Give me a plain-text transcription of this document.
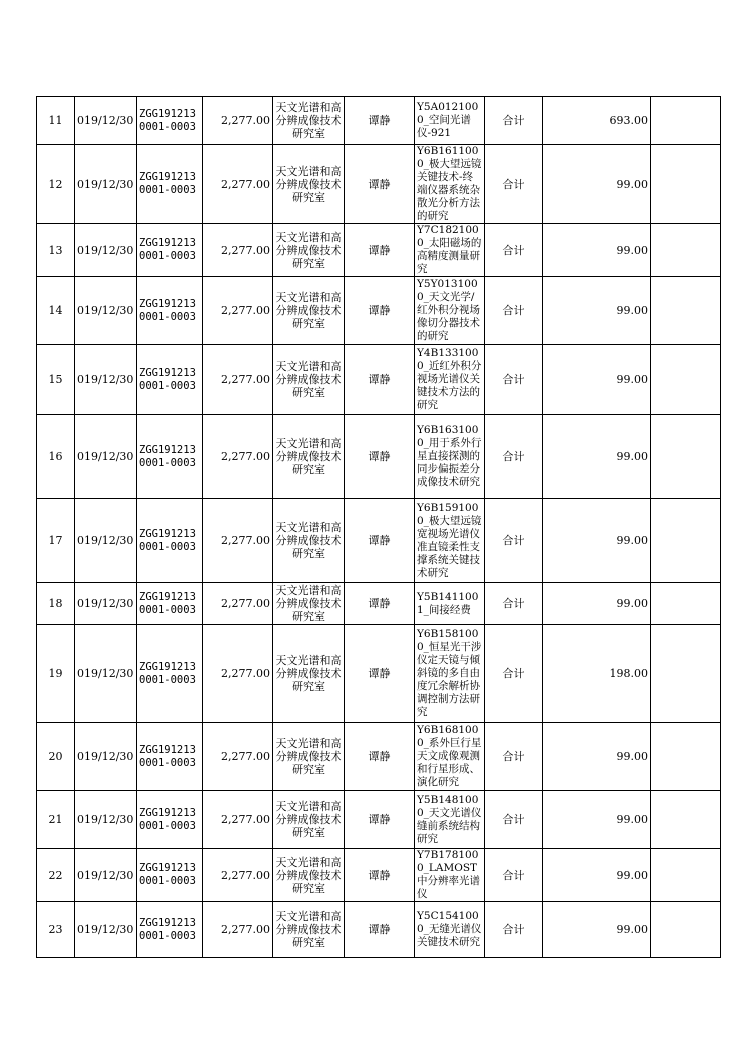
11	019/12/30	ZGG1912130001-0003	2,277.00	天文光谱和高分辨成像技术研究室	谭静	Y5A0121000_空间光谱仪-921	合计	693.00	
12	019/12/30	ZGG1912130001-0003	2,277.00	天文光谱和高分辨成像技术研究室	谭静	Y6B1611000_极大望远镜关键技术-终端仪器系统杂散光分析方法的研究	合计	99.00	
13	019/12/30	ZGG1912130001-0003	2,277.00	天文光谱和高分辨成像技术研究室	谭静	Y7C1821000_太阳磁场的高精度测量研究	合计	99.00	
14	019/12/30	ZGG1912130001-0003	2,277.00	天文光谱和高分辨成像技术研究室	谭静	Y5Y0131000_天文光学/红外积分视场像切分器技术的研究	合计	99.00	
15	019/12/30	ZGG1912130001-0003	2,277.00	天文光谱和高分辨成像技术研究室	谭静	Y4B1331000_近红外积分视场光谱仪关键技术方法的研究	合计	99.00	
16	019/12/30	ZGG1912130001-0003	2,277.00	天文光谱和高分辨成像技术研究室	谭静	Y6B1631000_用于系外行星直接探测的同步偏振差分成像技术研究	合计	99.00	
17	019/12/30	ZGG1912130001-0003	2,277.00	天文光谱和高分辨成像技术研究室	谭静	Y6B1591000_极大望远镜宽视场光谱仪准直镜柔性支撑系统关键技术研究	合计	99.00	
18	019/12/30	ZGG1912130001-0003	2,277.00	天文光谱和高分辨成像技术研究室	谭静	Y5B1411001_间接经费	合计	99.00	
19	019/12/30	ZGG1912130001-0003	2,277.00	天文光谱和高分辨成像技术研究室	谭静	Y6B1581000_恒星光干涉仪定天镜与倾斜镜的多自由度冗余解析协调控制方法研究	合计	198.00	
20	019/12/30	ZGG1912130001-0003	2,277.00	天文光谱和高分辨成像技术研究室	谭静	Y6B1681000_系外巨行星天文成像观测和行星形成、演化研究	合计	99.00	
21	019/12/30	ZGG1912130001-0003	2,277.00	天文光谱和高分辨成像技术研究室	谭静	Y5B1481000_天文光谱仪缝前系统结构研究	合计	99.00	
22	019/12/30	ZGG1912130001-0003	2,277.00	天文光谱和高分辨成像技术研究室	谭静	Y7B1781000_LAMOST中分辨率光谱仪	合计	99.00	
23	019/12/30	ZGG1912130001-0003	2,277.00	天文光谱和高分辨成像技术研究室	谭静	Y5C1541000_无缝光谱仪关键技术研究	合计	99.00	
